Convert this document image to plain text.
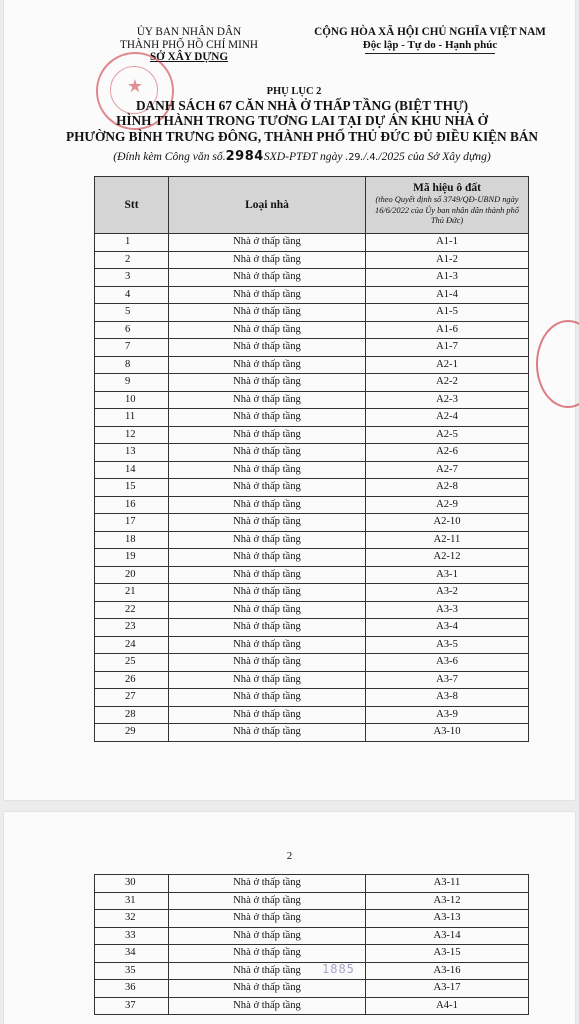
ỦY BAN NHÂN DÂN
THÀNH PHỐ HỒ CHÍ MINH
SỞ XÂY DỰNG
★
CỘNG HÒA XÃ HỘI CHỦ NGHĨA VIỆT NAM
Độc lập - Tự do - Hạnh phúc
PHỤ LỤC 2
DANH SÁCH 67 CĂN NHÀ Ở THẤP TẦNG (BIỆT THỰ)
HÌNH THÀNH TRONG TƯƠNG LAI TẠI DỰ ÁN KHU NHÀ Ở
PHƯỜNG BÌNH TRƯNG ĐÔNG, THÀNH PHỐ THỦ ĐỨC ĐỦ ĐIỀU KIỆN BÁN
(Đính kèm Công văn số.2984SXD-PTĐT ngày .29./.4./2025 của Sở Xây dựng)
Stt	Loại nhà	Mã hiệu ô đất
(theo Quyết định số 3749/QĐ-UBND ngày 16/6/2022 của Ủy ban nhân dân thành phố Thủ Đức)

1	Nhà ở thấp tầng	A1-1
2	Nhà ở thấp tầng	A1-2
3	Nhà ở thấp tầng	A1-3
4	Nhà ở thấp tầng	A1-4
5	Nhà ở thấp tầng	A1-5
6	Nhà ở thấp tầng	A1-6
7	Nhà ở thấp tầng	A1-7
8	Nhà ở thấp tầng	A2-1
9	Nhà ở thấp tầng	A2-2
10	Nhà ở thấp tầng	A2-3
11	Nhà ở thấp tầng	A2-4
12	Nhà ở thấp tầng	A2-5
13	Nhà ở thấp tầng	A2-6
14	Nhà ở thấp tầng	A2-7
15	Nhà ở thấp tầng	A2-8
16	Nhà ở thấp tầng	A2-9
17	Nhà ở thấp tầng	A2-10
18	Nhà ở thấp tầng	A2-11
19	Nhà ở thấp tầng	A2-12
20	Nhà ở thấp tầng	A3-1
21	Nhà ở thấp tầng	A3-2
22	Nhà ở thấp tầng	A3-3
23	Nhà ở thấp tầng	A3-4
24	Nhà ở thấp tầng	A3-5
25	Nhà ở thấp tầng	A3-6
26	Nhà ở thấp tầng	A3-7
27	Nhà ở thấp tầng	A3-8
28	Nhà ở thấp tầng	A3-9
29	Nhà ở thấp tầng	A3-10
2
30	Nhà ở thấp tầng	A3-11
31	Nhà ở thấp tầng	A3-12
32	Nhà ở thấp tầng	A3-13
33	Nhà ở thấp tầng	A3-14
34	Nhà ở thấp tầng	A3-15
35	Nhà ở thấp tầng	A3-16
36	Nhà ở thấp tầng	A3-17
37	Nhà ở thấp tầng	A4-1
1885
